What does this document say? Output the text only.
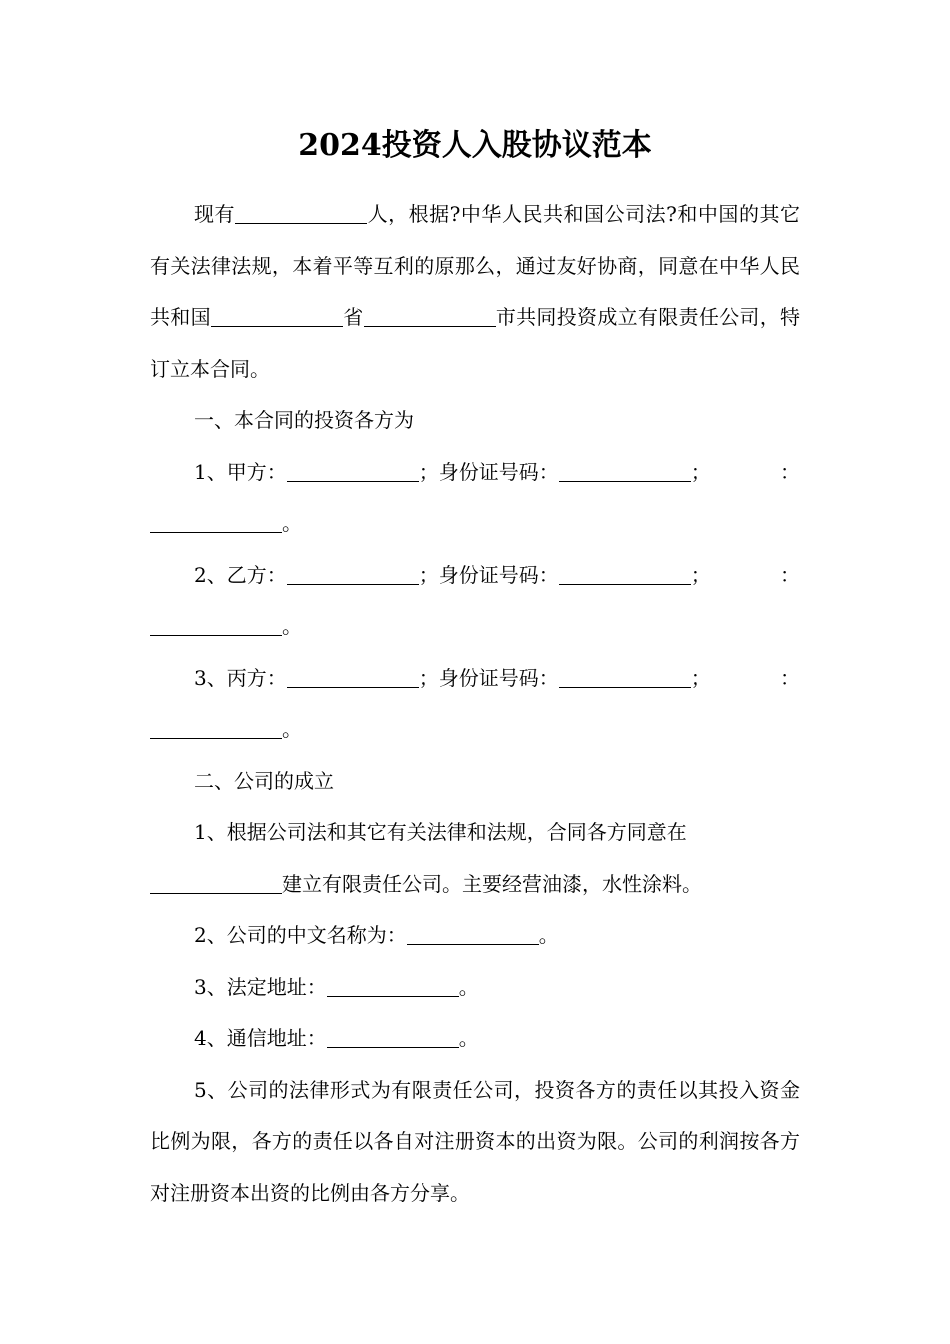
2024投资人入股协议范本

现有	人，根据?中华人民共和国公司法?和中国的其它有关法律法规，本着平等互利的原那么，通过友好协商，同意在中华人民共和国	省	市共同投资成立有限责任公司，特订立本合同。

一、本合同的投资各方为

1、甲方：	；身份证号码：	；	：
。
2、乙方：	；身份证号码：	；	：
。
3、丙方：	；身份证号码：	；	：
。

二、公司的成立

1、根据公司法和其它有关法律和法规，合同各方同意在

建立有限责任公司。主要经营油漆，水性涂料。

2、公司的中文名称为：	。

3、法定地址：	。

4、通信地址：	。

5、公司的法律形式为有限责任公司，投资各方的责任以其投入资金比例为限，各方的责任以各自对注册资本的出资为限。公司的利润按各方对注册资本出资的比例由各方分享。
